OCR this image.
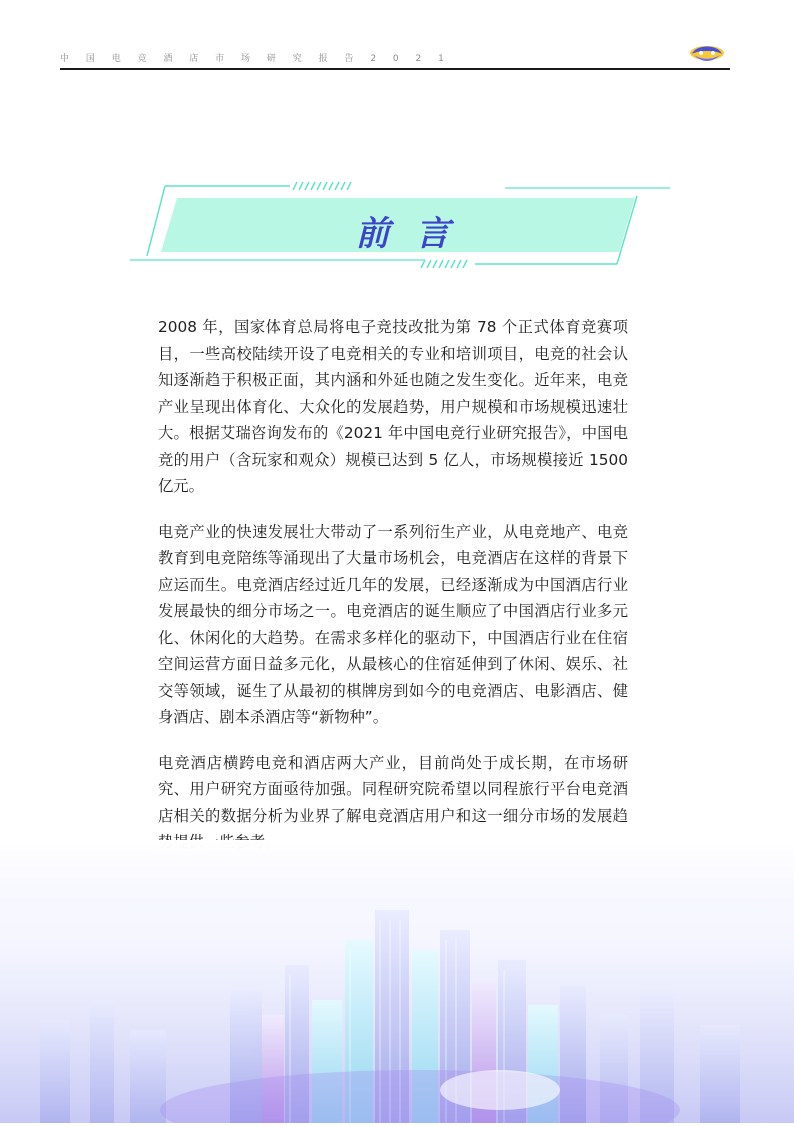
中 国 电 竞 酒 店 市 场 研 究 报 告 2 0 2 1
前言

2008 年，国家体育总局将电子竞技改批为第 78 个正式体育竞赛项目，一些高校陆续开设了电竞相关的专业和培训项目，电竞的社会认知逐渐趋于积极正面，其内涵和外延也随之发生变化。近年来，电竞产业呈现出体育化、大众化的发展趋势，用户规模和市场规模迅速壮大。根据艾瑞咨询发布的《2021 年中国电竞行业研究报告》，中国电竞的用户（含玩家和观众）规模已达到 5 亿人，市场规模接近 1500 亿元。

电竞产业的快速发展壮大带动了一系列衍生产业，从电竞地产、电竞教育到电竞陪练等涌现出了大量市场机会，电竞酒店在这样的背景下应运而生。电竞酒店经过近几年的发展，已经逐渐成为中国酒店行业发展最快的细分市场之一。电竞酒店的诞生顺应了中国酒店行业多元化、休闲化的大趋势。在需求多样化的驱动下，中国酒店行业在住宿空间运营方面日益多元化，从最核心的住宿延伸到了休闲、娱乐、社交等领域，诞生了从最初的棋牌房到如今的电竞酒店、电影酒店、健身酒店、剧本杀酒店等“新物种”。

电竞酒店横跨电竞和酒店两大产业，目前尚处于成长期，在市场研究、用户研究方面亟待加强。同程研究院希望以同程旅行平台电竞酒店相关的数据分析为业界了解电竞酒店用户和这一细分市场的发展趋
